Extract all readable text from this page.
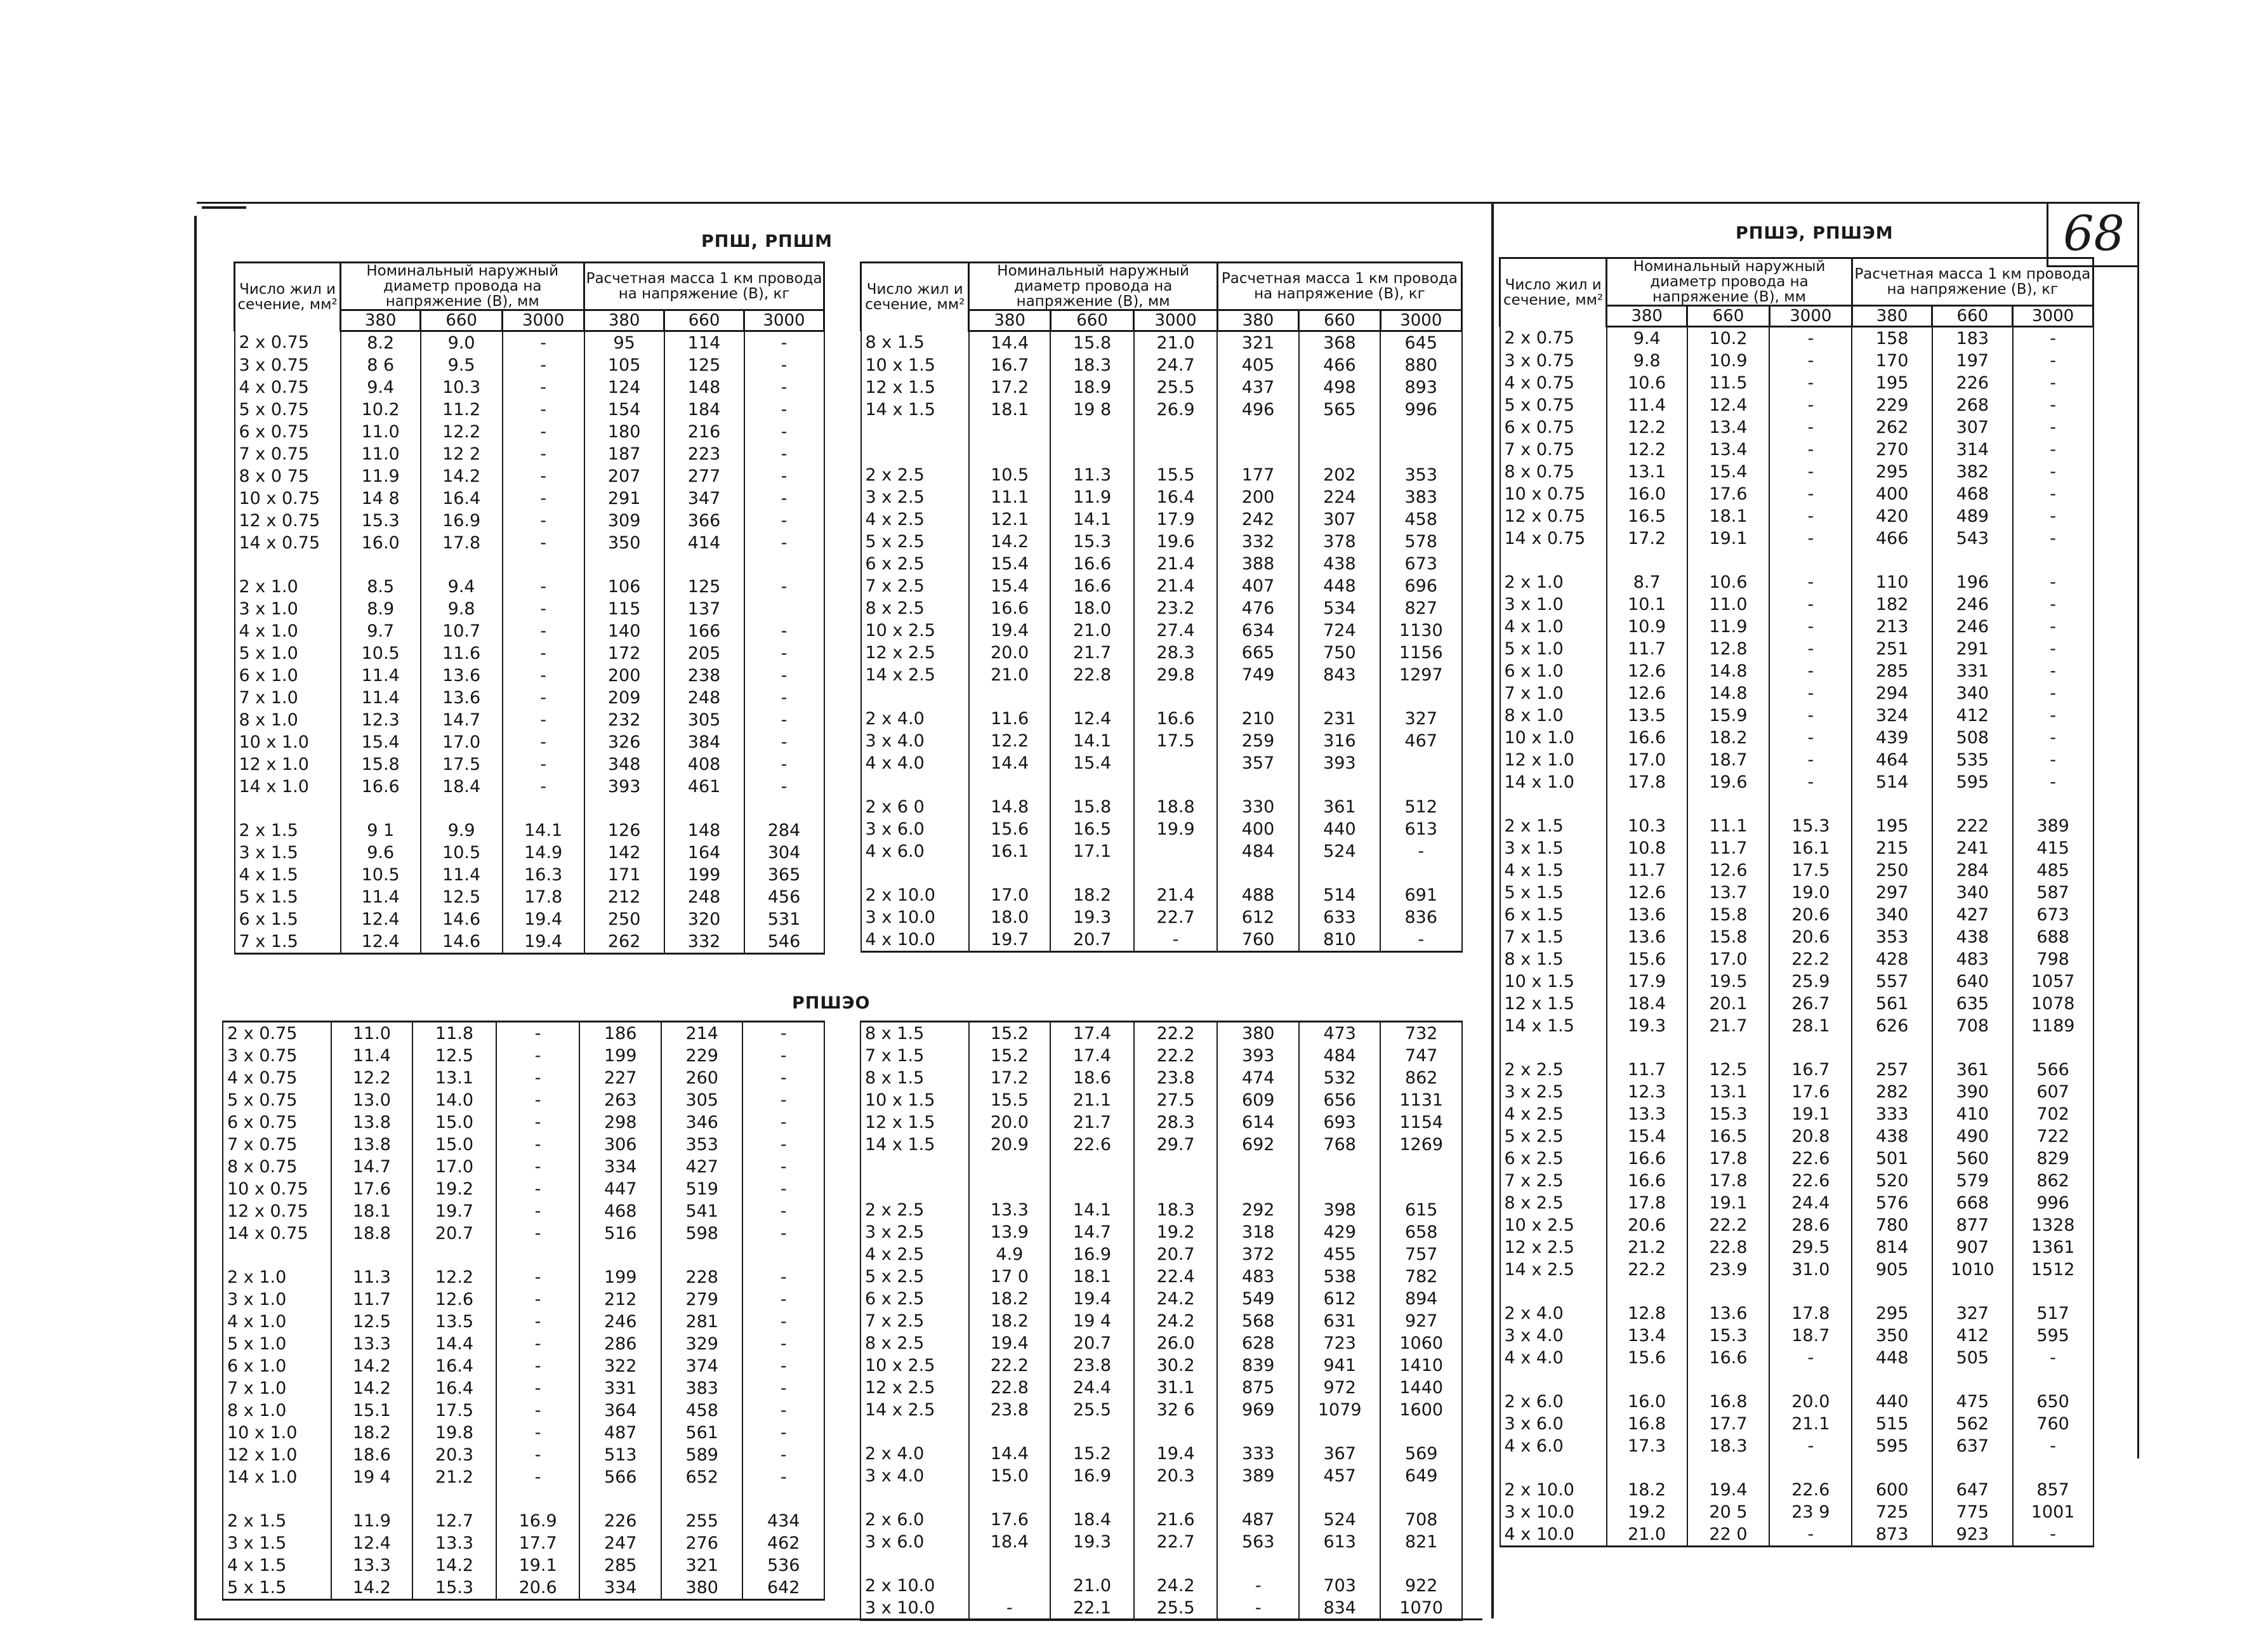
68
РПШ, РПШМ
РПШЭО
РПШЭ, РПШЭМ
Число жил и сечение, мм²	Номинальный наружный диаметр провода на напряжение (В), мм			Расчетная масса 1 км провода на напряжение (В), кг		
	380	660	3000	380	660	3000
2 x 0.75	8.2	9.0	-	95	114	-
3 x 0.75	8 6	9.5	-	105	125	-
4 x 0.75	9.4	10.3	-	124	148	-
5 x 0.75	10.2	11.2	-	154	184	-
6 x 0.75	11.0	12.2	-	180	216	-
7 x 0.75	11.0	12 2	-	187	223	-
8 x 0 75	11.9	14.2	-	207	277	-
10 x 0.75	14 8	16.4	-	291	347	-
12 x 0.75	15.3	16.9	-	309	366	-
14 x 0.75	16.0	17.8	-	350	414	-

2 x 1.0	8.5	9.4	-	106	125	-
3 x 1.0	8.9	9.8	-	115	137	
4 x 1.0	9.7	10.7	-	140	166	-
5 x 1.0	10.5	11.6	-	172	205	-
6 x 1.0	11.4	13.6	-	200	238	-
7 x 1.0	11.4	13.6	-	209	248	-
8 x 1.0	12.3	14.7	-	232	305	-
10 x 1.0	15.4	17.0	-	326	384	-
12 x 1.0	15.8	17.5	-	348	408	-
14 x 1.0	16.6	18.4	-	393	461	-

2 x 1.5	9 1	9.9	14.1	126	148	284
3 x 1.5	9.6	10.5	14.9	142	164	304
4 x 1.5	10.5	11.4	16.3	171	199	365
5 x 1.5	11.4	12.5	17.8	212	248	456
6 x 1.5	12.4	14.6	19.4	250	320	531
7 x 1.5	12.4	14.6	19.4	262	332	546
Число жил и сечение, мм²	Номинальный наружный диаметр провода на напряжение (В), мм			Расчетная масса 1 км провода на напряжение (В), кг		
	380	660	3000	380	660	3000
8 x 1.5	14.4	15.8	21.0	321	368	645
10 x 1.5	16.7	18.3	24.7	405	466	880
12 x 1.5	17.2	18.9	25.5	437	498	893
14 x 1.5	18.1	19 8	26.9	496	565	996

2 x 2.5	10.5	11.3	15.5	177	202	353
3 x 2.5	11.1	11.9	16.4	200	224	383
4 x 2.5	12.1	14.1	17.9	242	307	458
5 x 2.5	14.2	15.3	19.6	332	378	578
6 x 2.5	15.4	16.6	21.4	388	438	673
7 x 2.5	15.4	16.6	21.4	407	448	696
8 x 2.5	16.6	18.0	23.2	476	534	827
10 x 2.5	19.4	21.0	27.4	634	724	1130
12 x 2.5	20.0	21.7	28.3	665	750	1156
14 x 2.5	21.0	22.8	29.8	749	843	1297

2 x 4.0	11.6	12.4	16.6	210	231	327
3 x 4.0	12.2	14.1	17.5	259	316	467
4 x 4.0	14.4	15.4		357	393	

2 x 6 0	14.8	15.8	18.8	330	361	512
3 x 6.0	15.6	16.5	19.9	400	440	613
4 x 6.0	16.1	17.1		484	524	-

2 x 10.0	17.0	18.2	21.4	488	514	691
3 x 10.0	18.0	19.3	22.7	612	633	836
4 x 10.0	19.7	20.7	-	760	810	-
2 x 0.75	11.0	11.8	-	186	214	-
3 x 0.75	11.4	12.5	-	199	229	-
4 x 0.75	12.2	13.1	-	227	260	-
5 x 0.75	13.0	14.0	-	263	305	-
6 x 0.75	13.8	15.0	-	298	346	-
7 x 0.75	13.8	15.0	-	306	353	-
8 x 0.75	14.7	17.0	-	334	427	-
10 x 0.75	17.6	19.2	-	447	519	-
12 x 0.75	18.1	19.7	-	468	541	-
14 x 0.75	18.8	20.7	-	516	598	-

2 x 1.0	11.3	12.2	-	199	228	-
3 x 1.0	11.7	12.6	-	212	279	-
4 x 1.0	12.5	13.5	-	246	281	-
5 x 1.0	13.3	14.4	-	286	329	-
6 x 1.0	14.2	16.4	-	322	374	-
7 x 1.0	14.2	16.4	-	331	383	-
8 x 1.0	15.1	17.5	-	364	458	-
10 x 1.0	18.2	19.8	-	487	561	-
12 x 1.0	18.6	20.3	-	513	589	-
14 x 1.0	19 4	21.2	-	566	652	-

2 x 1.5	11.9	12.7	16.9	226	255	434
3 x 1.5	12.4	13.3	17.7	247	276	462
4 x 1.5	13.3	14.2	19.1	285	321	536
5 x 1.5	14.2	15.3	20.6	334	380	642
8 x 1.5	15.2	17.4	22.2	380	473	732
7 x 1.5	15.2	17.4	22.2	393	484	747
8 x 1.5	17.2	18.6	23.8	474	532	862
10 x 1.5	15.5	21.1	27.5	609	656	1131
12 x 1.5	20.0	21.7	28.3	614	693	1154
14 x 1.5	20.9	22.6	29.7	692	768	1269

2 x 2.5	13.3	14.1	18.3	292	398	615
3 x 2.5	13.9	14.7	19.2	318	429	658
4 x 2.5	4.9	16.9	20.7	372	455	757
5 x 2.5	17 0	18.1	22.4	483	538	782
6 x 2.5	18.2	19.4	24.2	549	612	894
7 x 2.5	18.2	19 4	24.2	568	631	927
8 x 2.5	19.4	20.7	26.0	628	723	1060
10 x 2.5	22.2	23.8	30.2	839	941	1410
12 x 2.5	22.8	24.4	31.1	875	972	1440
14 x 2.5	23.8	25.5	32 6	969	1079	1600

2 x 4.0	14.4	15.2	19.4	333	367	569
3 x 4.0	15.0	16.9	20.3	389	457	649

2 x 6.0	17.6	18.4	21.6	487	524	708
3 x 6.0	18.4	19.3	22.7	563	613	821

2 x 10.0		21.0	24.2	-	703	922
3 x 10.0	-	22.1	25.5	-	834	1070
Число жил и сечение, мм²	Номинальный наружный диаметр провода на напряжение (В), мм			Расчетная масса 1 км провода на напряжение (В), кг		
	380	660	3000	380	660	3000
2 x 0.75	9.4	10.2	-	158	183	-
3 x 0.75	9.8	10.9	-	170	197	-
4 x 0.75	10.6	11.5	-	195	226	-
5 x 0.75	11.4	12.4	-	229	268	-
6 x 0.75	12.2	13.4	-	262	307	-
7 x 0.75	12.2	13.4	-	270	314	-
8 x 0.75	13.1	15.4	-	295	382	-
10 x 0.75	16.0	17.6	-	400	468	-
12 x 0.75	16.5	18.1	-	420	489	-
14 x 0.75	17.2	19.1	-	466	543	-

2 x 1.0	8.7	10.6	-	110	196	-
3 x 1.0	10.1	11.0	-	182	246	-
4 x 1.0	10.9	11.9	-	213	246	-
5 x 1.0	11.7	12.8	-	251	291	-
6 x 1.0	12.6	14.8	-	285	331	-
7 x 1.0	12.6	14.8	-	294	340	-
8 x 1.0	13.5	15.9	-	324	412	-
10 x 1.0	16.6	18.2	-	439	508	-
12 x 1.0	17.0	18.7	-	464	535	-
14 x 1.0	17.8	19.6	-	514	595	-

2 x 1.5	10.3	11.1	15.3	195	222	389
3 x 1.5	10.8	11.7	16.1	215	241	415
4 x 1.5	11.7	12.6	17.5	250	284	485
5 x 1.5	12.6	13.7	19.0	297	340	587
6 x 1.5	13.6	15.8	20.6	340	427	673
7 x 1.5	13.6	15.8	20.6	353	438	688
8 x 1.5	15.6	17.0	22.2	428	483	798
10 x 1.5	17.9	19.5	25.9	557	640	1057
12 x 1.5	18.4	20.1	26.7	561	635	1078
14 x 1.5	19.3	21.7	28.1	626	708	1189

2 x 2.5	11.7	12.5	16.7	257	361	566
3 x 2.5	12.3	13.1	17.6	282	390	607
4 x 2.5	13.3	15.3	19.1	333	410	702
5 x 2.5	15.4	16.5	20.8	438	490	722
6 x 2.5	16.6	17.8	22.6	501	560	829
7 x 2.5	16.6	17.8	22.6	520	579	862
8 x 2.5	17.8	19.1	24.4	576	668	996
10 x 2.5	20.6	22.2	28.6	780	877	1328
12 x 2.5	21.2	22.8	29.5	814	907	1361
14 x 2.5	22.2	23.9	31.0	905	1010	1512

2 x 4.0	12.8	13.6	17.8	295	327	517
3 x 4.0	13.4	15.3	18.7	350	412	595
4 x 4.0	15.6	16.6	-	448	505	-

2 x 6.0	16.0	16.8	20.0	440	475	650
3 x 6.0	16.8	17.7	21.1	515	562	760
4 x 6.0	17.3	18.3	-	595	637	-

2 x 10.0	18.2	19.4	22.6	600	647	857
3 x 10.0	19.2	20 5	23 9	725	775	1001
4 x 10.0	21.0	22 0	-	873	923	-
